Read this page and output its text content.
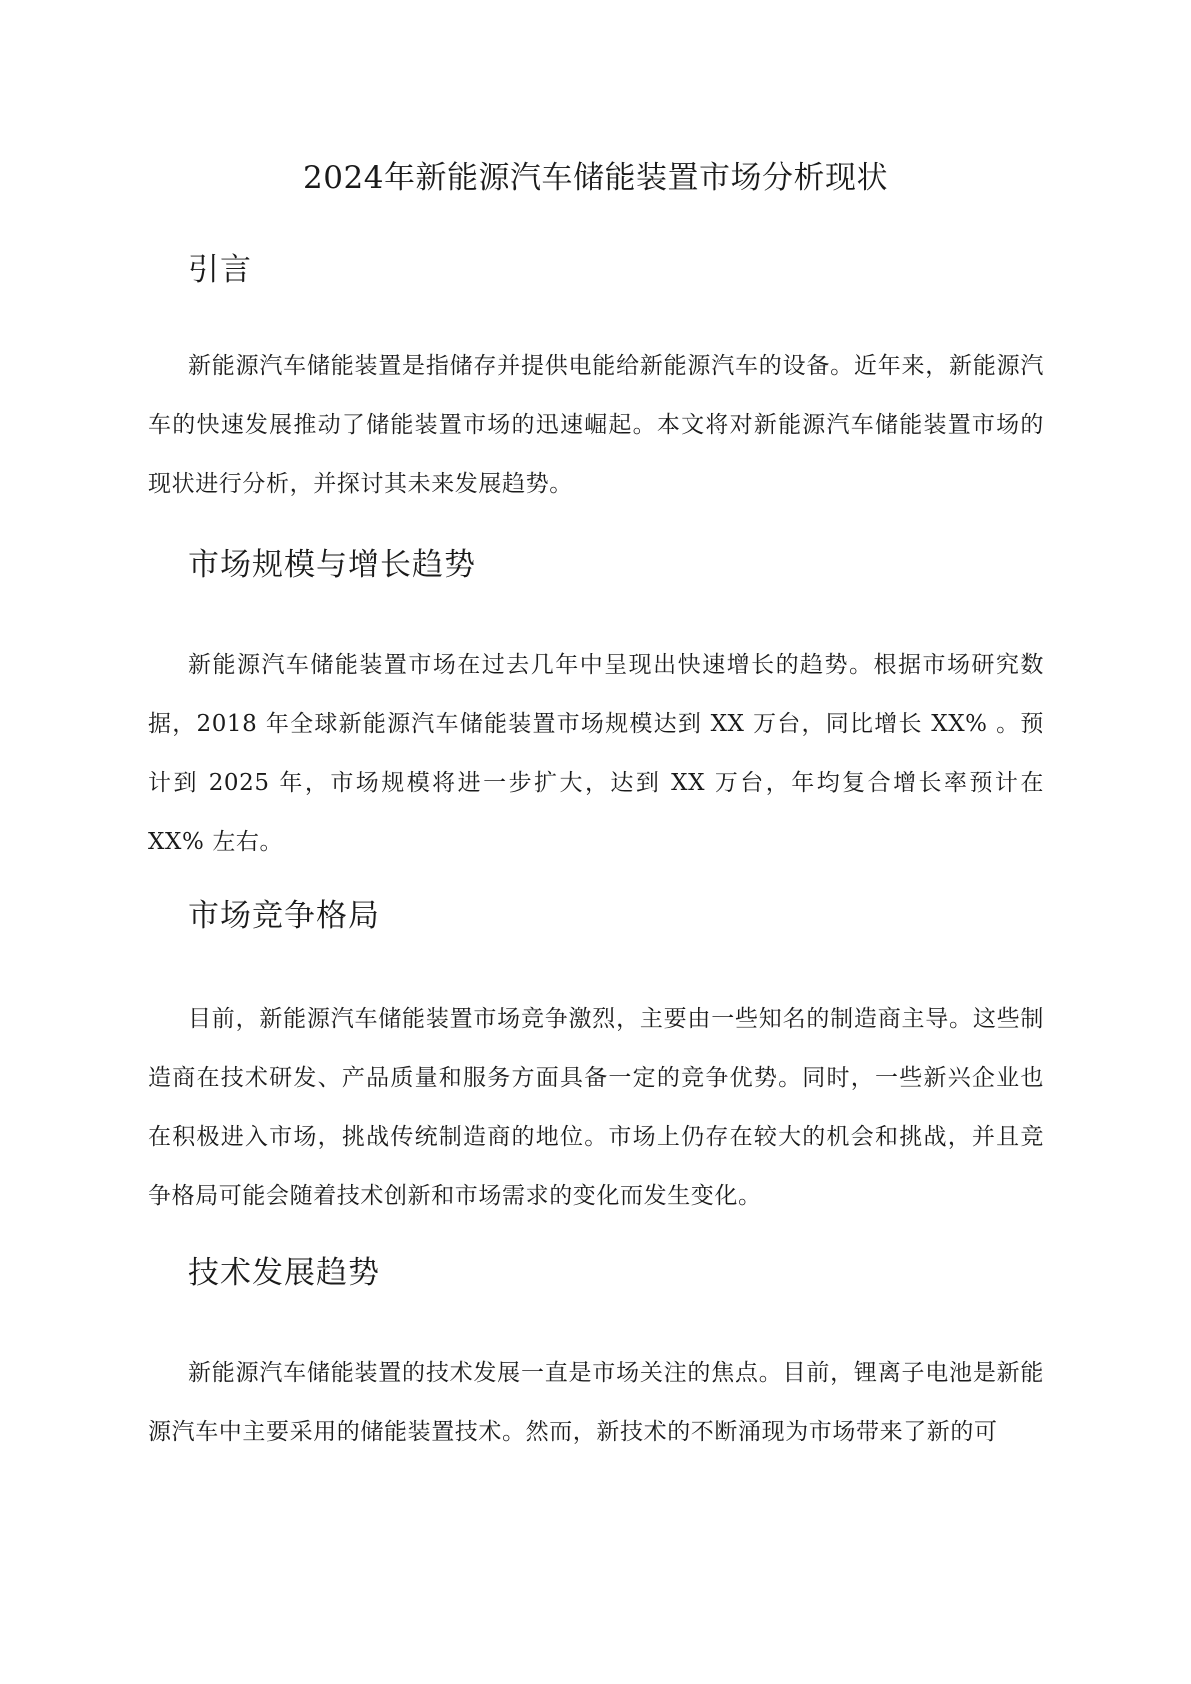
2024年新能源汽车储能装置市场分析现状
引言

新能源汽车储能装置是指储存并提供电能给新能源汽车的设备。近年来，新能源汽车的快速发展推动了储能装置市场的迅速崛起。本文将对新能源汽车储能装置市场的现状进行分析，并探讨其未来发展趋势。

市场规模与增长趋势

新能源汽车储能装置市场在过去几年中呈现出快速增长的趋势。根据市场研究数据，2018 年全球新能源汽车储能装置市场规模达到 XX 万台，同比增长 XX% 。预计到 2025 年，市场规模将进一步扩大，达到 XX 万台，年均复合增长率预计在 XX% 左右。

市场竞争格局

目前，新能源汽车储能装置市场竞争激烈，主要由一些知名的制造商主导。这些制造商在技术研发、产品质量和服务方面具备一定的竞争优势。同时，一些新兴企业也在积极进入市场，挑战传统制造商的地位。市场上仍存在较大的机会和挑战，并且竞争格局可能会随着技术创新和市场需求的变化而发生变化。

技术发展趋势

新能源汽车储能装置的技术发展一直是市场关注的焦点。目前，锂离子电池是新能源汽车中主要采用的储能装置技术。然而，新技术的不断涌现为市场带来了新的可
